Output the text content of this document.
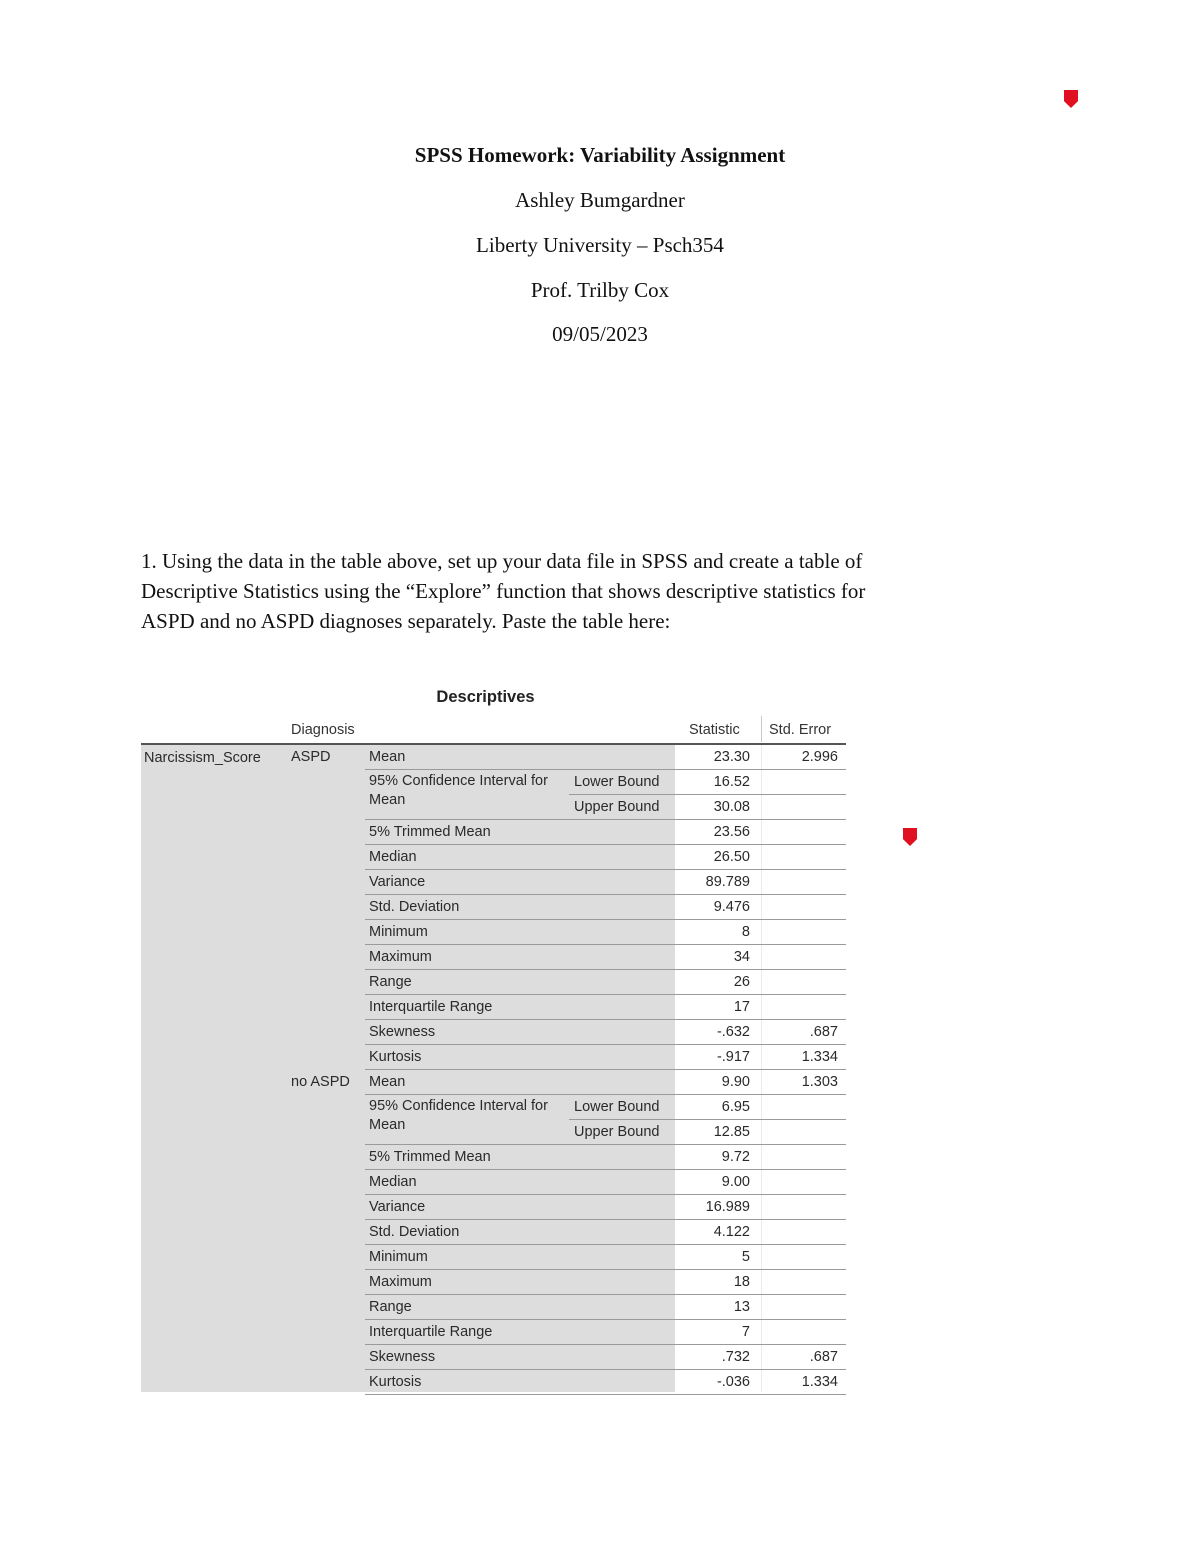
SPSS Homework: Variability Assignment
Ashley Bumgardner
Liberty University – Psch354
Prof. Trilby Cox
09/05/2023
1. Using the data in the table above, set up your data file in SPSS and create a table of
Descriptive Statistics using the “Explore” function that shows descriptive statistics for
ASPD and no ASPD diagnoses separately. Paste the table here:
Descriptives
Diagnosis	Statistic Std. Error
Narcissism_Score ASPD	Mean	23.30	2.996
95% Confidence Interval for
Mean
Lower Bound	16.52
Upper Bound	30.08
5% Trimmed Mean	23.56
Median	26.50
Variance	89.789
Std. Deviation	9.476
Minimum	8
Maximum	34
Range	26
Interquartile Range	17
Skewness	-.632	.687
Kurtosis	-.917	1.334
no ASPD Mean	9.90	1.303
95% Confidence Interval for
Mean
Lower Bound	6.95
Upper Bound	12.85
5% Trimmed Mean	9.72
Median	9.00
Variance	16.989
Std. Deviation	4.122
Minimum	5
Maximum	18
Range	13
Interquartile Range	7
Skewness	.732	.687
Kurtosis	-.036	1.334
